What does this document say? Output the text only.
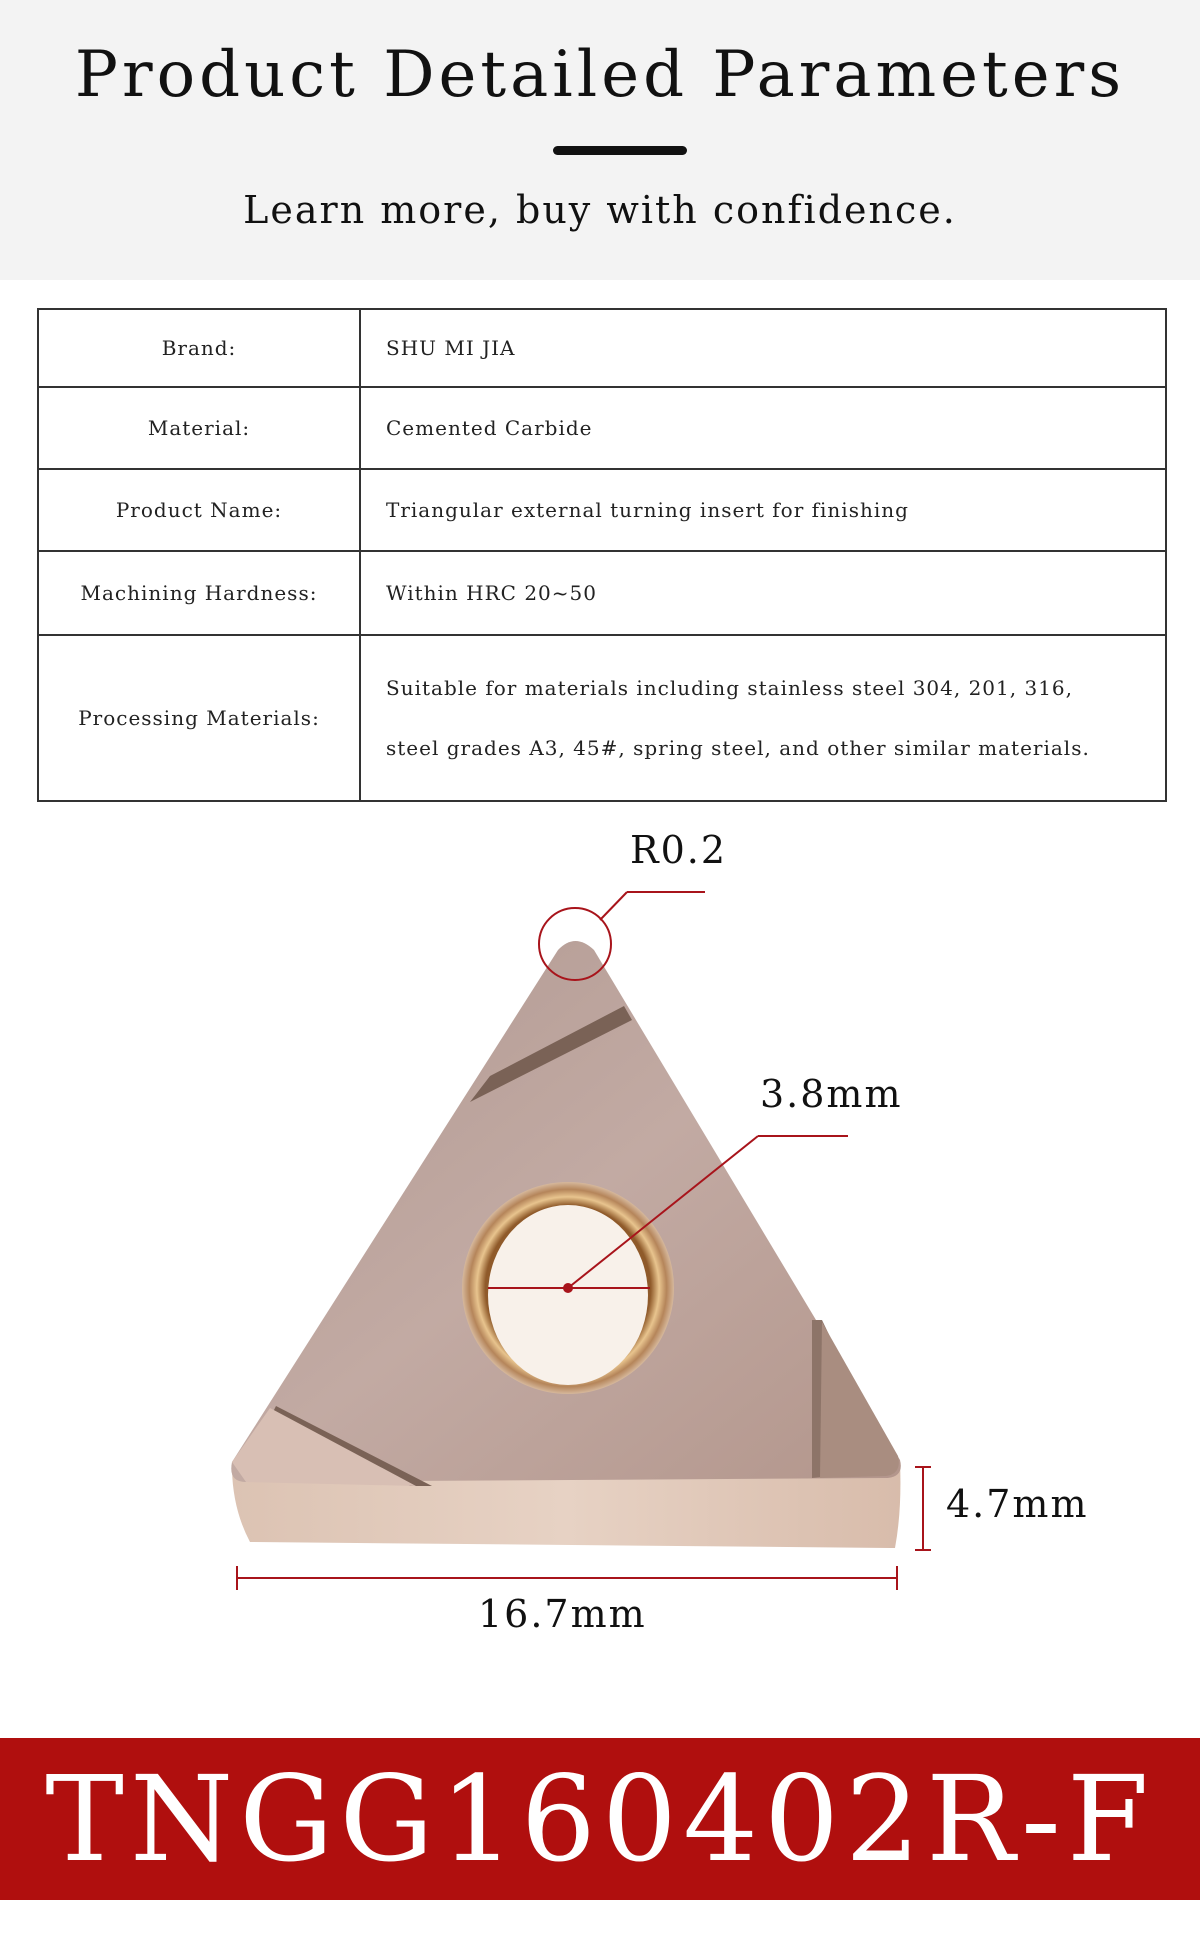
Product Detailed Parameters
Learn more, buy with confidence.
Brand:	SHU MI JIA

Material:	Cemented Carbide

Product Name:	Triangular external turning insert for finishing

Machining Hardness:	Within HRC 20~50

Processing Materials:	Suitable for materials including stainless steel 304, 201, 316,
steel grades A3, 45#, spring steel, and other similar materials.
R0.2
3.8mm
4.7mm
16.7mm
TNGG160402R-F
